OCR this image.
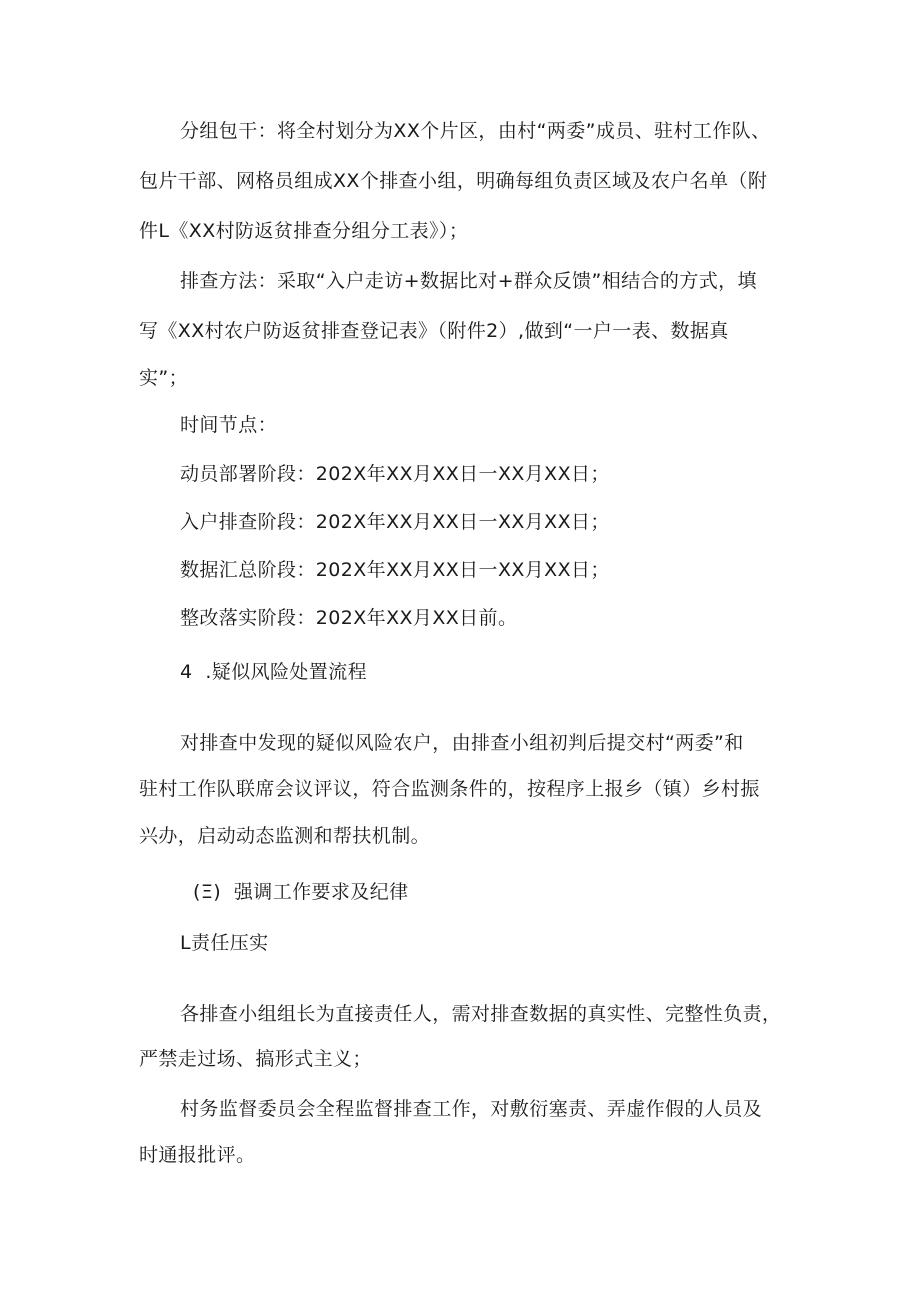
分组包干：将全村划分为XX个片区，由村“两委”成员、驻村工作队、
包片干部、网格员组成XX个排查小组，明确每组负责区域及农户名单（附
件L《XX村防返贫排查分组分工表》）；
排查方法：采取“入户走访+数据比对+群众反馈”相结合的方式，填
写《XX村农户防返贫排查登记表》（附件2）,做到“一户一表、数据真
实”；
时间节点：
动员部署阶段：202X年XX月XX日一XX月XX日；
入户排查阶段：202X年XX月XX日一XX月XX日；
数据汇总阶段：202X年XX月XX日一XX月XX日；
整改落实阶段：202X年XX月XX日前。
4  .疑似风险处置流程
对排查中发现的疑似风险农户，由排查小组初判后提交村“两委”和
驻村工作队联席会议评议，符合监测条件的，按程序上报乡（镇）乡村振
兴办，启动动态监测和帮扶机制。
(Ξ)  强调工作要求及纪律
L责任压实
各排查小组组长为直接责任人，需对排查数据的真实性、完整性负责，
严禁走过场、搞形式主义；
村务监督委员会全程监督排查工作，对敷衍塞责、弄虚作假的人员及
时通报批评。
